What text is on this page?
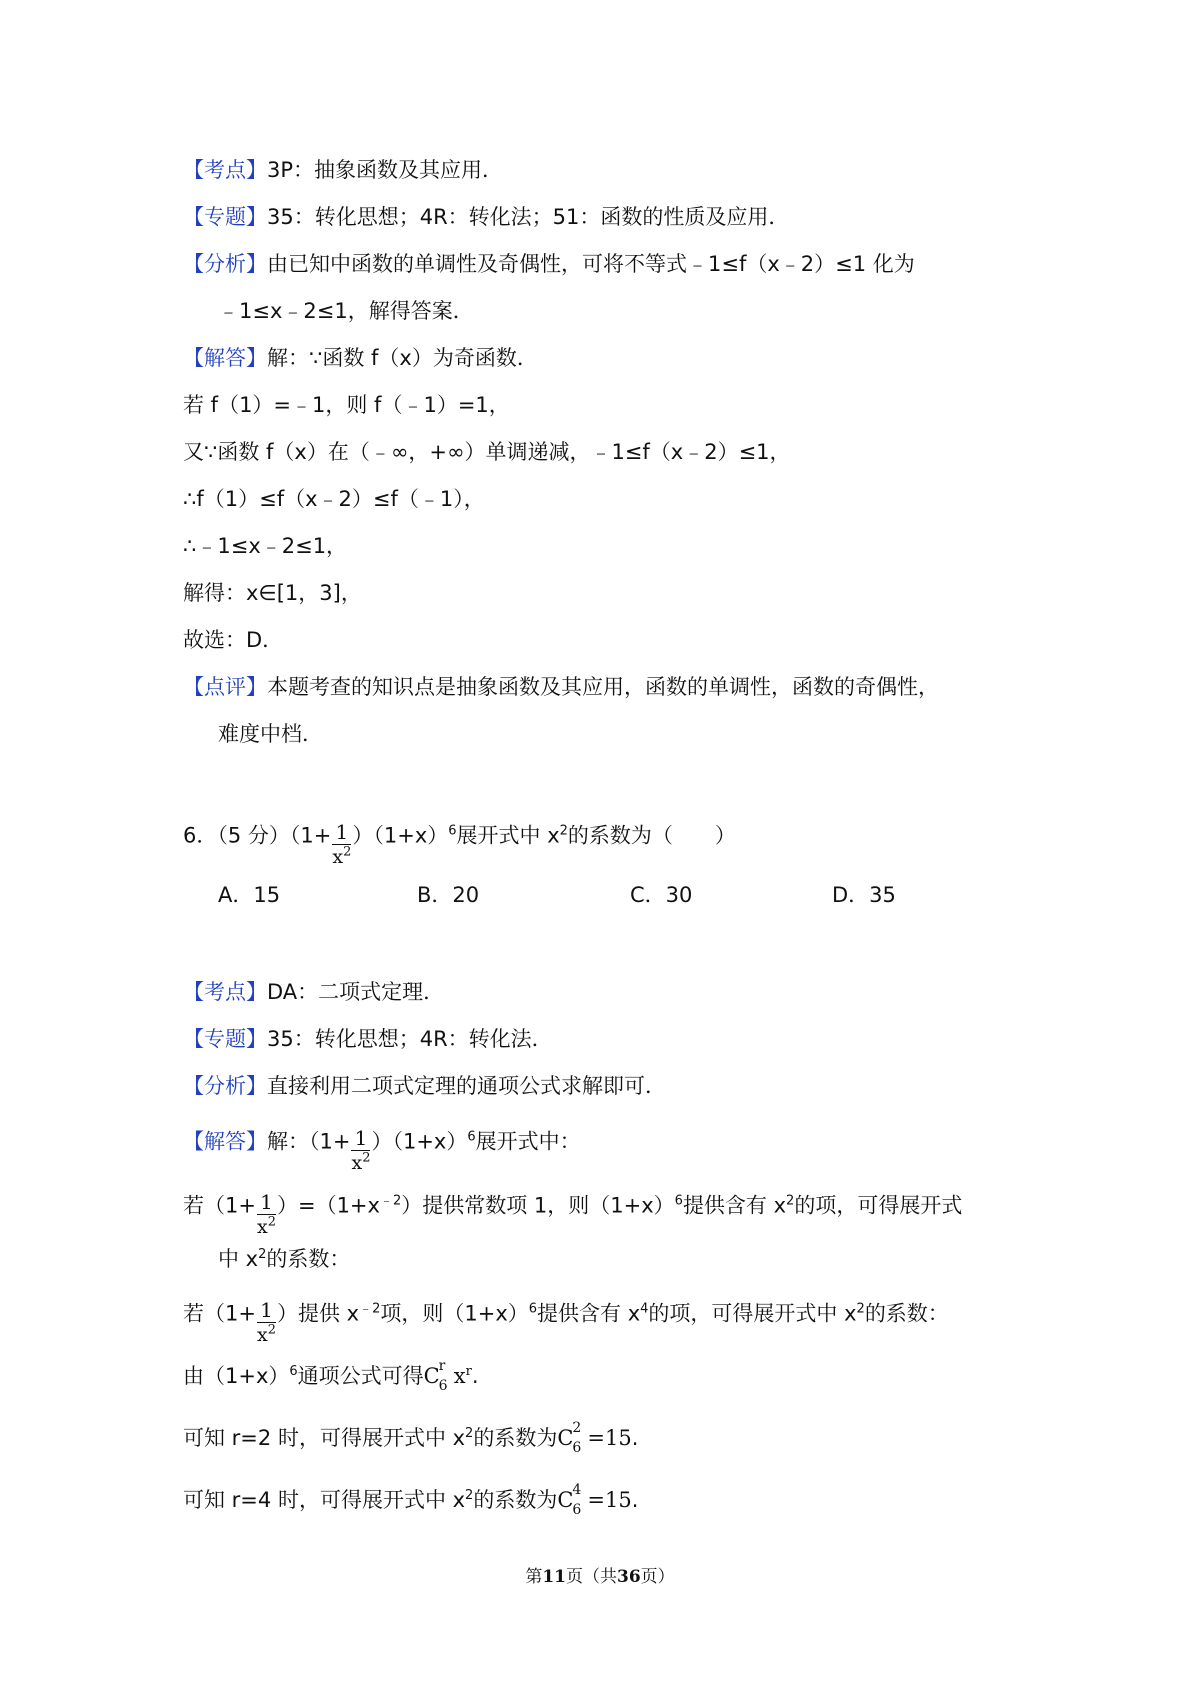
【考点】3P：抽象函数及其应用．
【专题】35：转化思想；4R：转化法；51：函数的性质及应用．
【分析】由已知中函数的单调性及奇偶性，可将不等式﹣1≤f（x﹣2）≤1 化为
﹣1≤x﹣2≤1，解得答案．
【解答】解：∵函数 f（x）为奇函数．
若 f（1）=﹣1，则 f（﹣1）=1，
又∵函数 f（x）在（﹣∞，+∞）单调递减，﹣1≤f（x﹣2）≤1，
∴f（1）≤f（x﹣2）≤f（﹣1），
∴﹣1≤x﹣2≤1，
解得：x∈[1，3]，
故选：D．
【点评】本题考查的知识点是抽象函数及其应用，函数的单调性，函数的奇偶性，
难度中档．
6．（5 分）$(1+ \frac{1}{x^2} )(1+x)^6$展开式中 $x^2$的系数为（　　）
A．15	B．20	C．30	D．35
【考点】DA：二项式定理．
【专题】35：转化思想；4R：转化法．
【分析】直接利用二项式定理的通项公式求解即可．
【解答】解：$(1+ \frac{1}{x^2} )(1+x)^6$展开式中：
若$(1+ \frac{1}{x^2} )=(1+x^{﹣2})$提供常数项 1，则$(1+x)^6$提供含有 $x^2$的项，可得展开式
中 $x^2$的系数：
若（$1+ \frac{1}{x^2}$ ）提供 $x^{﹣2}$项，则$(1+x)^6$提供含有 $x^4$的项，可得展开式中 $x^2$的系数：
由$(1+x)^6$通项公式可得C
r
6 $x^r$.
可知 r=2 时，可得展开式中 $x^2$的系数为C
2
6 =15.
可知 r=4 时，可得展开式中 $x^2$的系数为C
4
6 =15.
第11页（共36页）
